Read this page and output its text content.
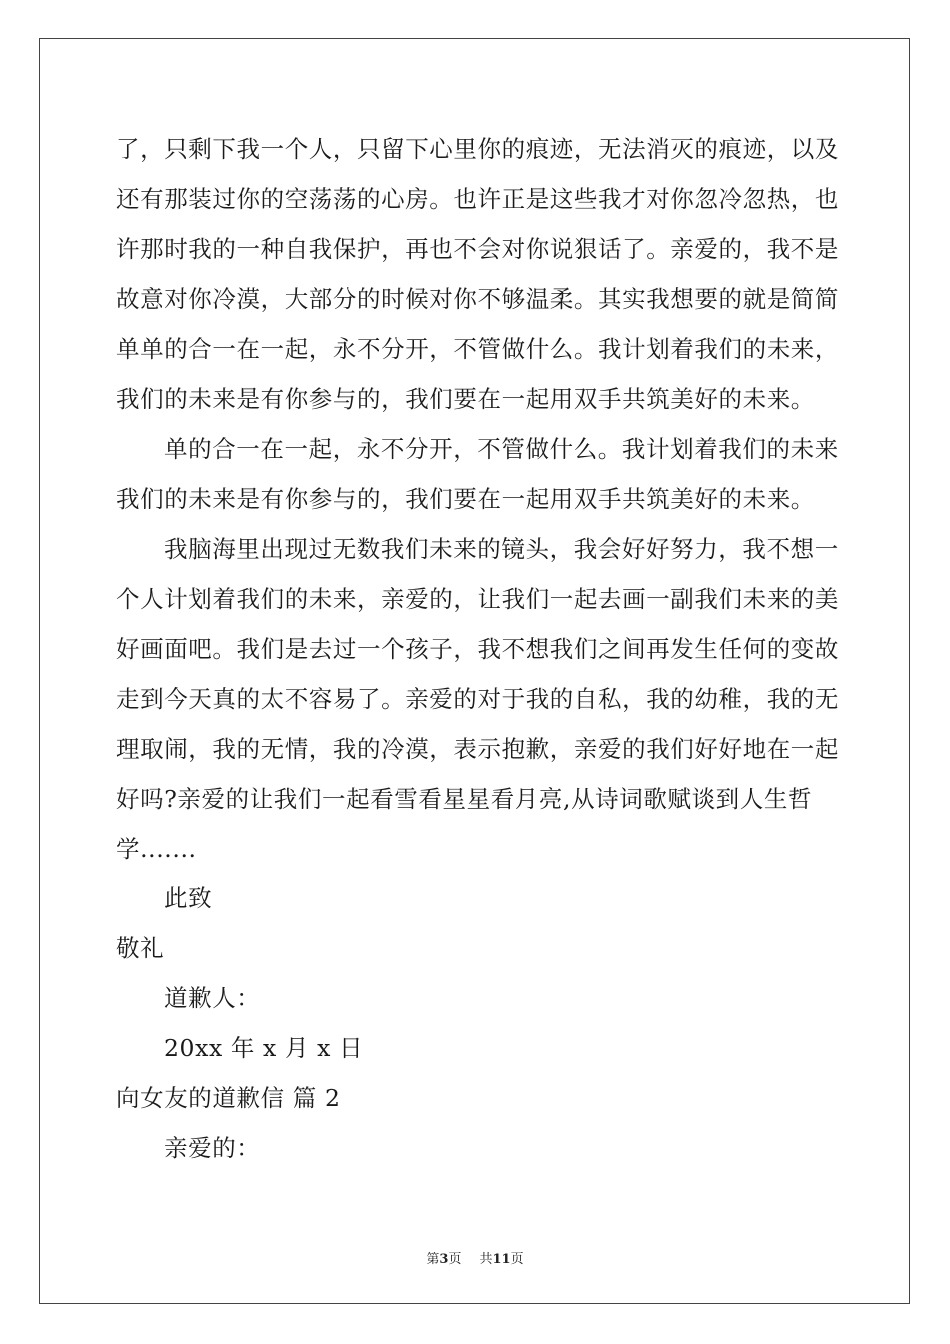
了，只剩下我一个人，只留下心里你的痕迹，无法消灭的痕迹，以及
还有那装过你的空荡荡的心房。也许正是这些我才对你忽冷忽热，也
许那时我的一种自我保护，再也不会对你说狠话了。亲爱的，我不是
故意对你冷漠，大部分的时候对你不够温柔。其实我想要的就是简简
单单的合一在一起，永不分开，不管做什么。我计划着我们的未来，
我们的未来是有你参与的，我们要在一起用双手共筑美好的未来。
单的合一在一起，永不分开，不管做什么。我计划着我们的未来
我们的未来是有你参与的，我们要在一起用双手共筑美好的未来。
我脑海里出现过无数我们未来的镜头，我会好好努力，我不想一
个人计划着我们的未来，亲爱的，让我们一起去画一副我们未来的美
好画面吧。我们是去过一个孩子，我不想我们之间再发生任何的变故
走到今天真的太不容易了。亲爱的对于我的自私，我的幼稚，我的无
理取闹，我的无情，我的冷漠，表示抱歉，亲爱的我们好好地在一起
好吗?亲爱的让我们一起看雪看星星看月亮,从诗词歌赋谈到人生哲
学.......
此致
敬礼
道歉人：
20xx 年 x 月 x 日
向女友的道歉信 篇 2
亲爱的：
第3页 共11页
